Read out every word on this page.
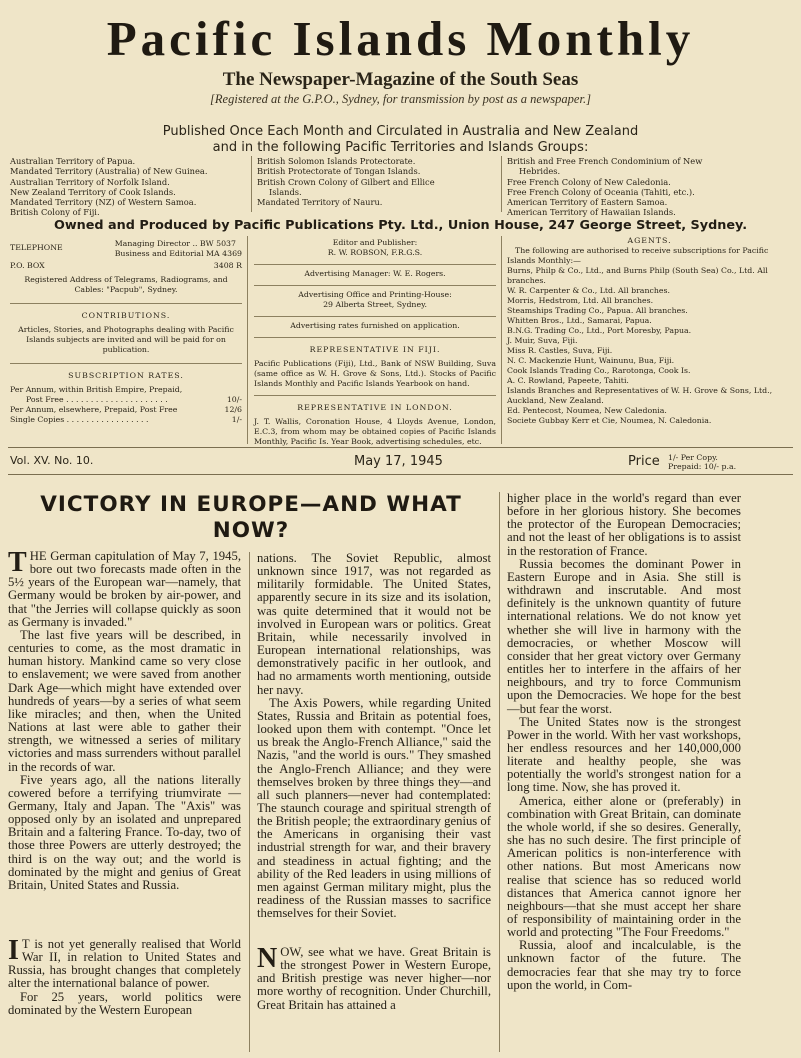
Pacific Islands Monthly
The Newspaper-Magazine of the South Seas
[Registered at the G.P.O., Sydney, for transmission by post as a newspaper.]
Published Once Each Month and Circulated in Australia and New Zealand
and in the following Pacific Territories and Islands Groups:
Australian Territory of Papua.
Mandated Territory (Australia) of New Guinea.
Australian Territory of Norfolk Island.
New Zealand Territory of Cook Islands.
Mandated Territory (NZ) of Western Samoa.
British Colony of Fiji.
British Solomon Islands Protectorate.
British Protectorate of Tongan Islands.
British Crown Colony of Gilbert and Ellice
Islands.
Mandated Territory of Nauru.
British and Free French Condominium of New
Hebrides.
Free French Colony of New Caledonia.
Free French Colony of Oceania (Tahiti, etc.).
American Territory of Eastern Samoa.
American Territory of Hawaiian Islands.
Owned and Produced by Pacific Publications Pty. Ltd., Union House, 247 George Street, Sydney.
TELEPHONE	Managing Director .. BW 5037
Business and Editorial MA 4369
P.O. BOX	3408 R
Registered Address of Telegrams, Radiograms, and Cables: "Pacpub", Sydney.
CONTRIBUTIONS.
Articles, Stories, and Photographs dealing with Pacific Islands subjects are invited and will be paid for on publication.
SUBSCRIPTION RATES.
Per Annum, within British Empire, Prepaid,
Post Free . . . . . . . . . . . . . . . . . . . . .	10/-
Per Annum, elsewhere, Prepaid, Post Free	12/6
Single Copies . . . . . . . . . . . . . . . . .	1/-
Editor and Publisher:
R. W. ROBSON, F.R.G.S.
Advertising Manager: W. E. Rogers.
Advertising Office and Printing-House:
29 Alberta Street, Sydney.
Advertising rates furnished on application.
REPRESENTATIVE IN FIJI.
Pacific Publications (Fiji), Ltd., Bank of NSW Building, Suva (same office as W. H. Grove & Sons, Ltd.). Stocks of Pacific Islands Monthly and Pacific Islands Yearbook on hand.
REPRESENTATIVE IN LONDON.
J. T. Wallis, Coronation House, 4 Lloyds Avenue, London, E.C.3, from whom may be obtained copies of Pacific Islands Monthly, Pacific Is. Year Book, advertising schedules, etc.
AGENTS.
The following are authorised to receive subscriptions for Pacific Islands Monthly:—
Burns, Philp & Co., Ltd., and Burns Philp (South Sea) Co., Ltd. All branches.
W. R. Carpenter & Co., Ltd. All branches.
Morris, Hedstrom, Ltd. All branches.
Steamships Trading Co., Papua. All branches.
Whitten Bros., Ltd., Samarai, Papua.
B.N.G. Trading Co., Ltd., Port Moresby, Papua.
J. Muir, Suva, Fiji.
Miss R. Castles, Suva, Fiji.
N. C. Mackenzie Hunt, Wainunu, Bua, Fiji.
Cook Islands Trading Co., Rarotonga, Cook Is.
A. C. Rowland, Papeete, Tahiti.
Islands Branches and Representatives of W. H. Grove & Sons, Ltd., Auckland, New Zealand.
Ed. Pentecost, Noumea, New Caledonia.
Societe Gubbay Kerr et Cie, Noumea, N. Caledonia.
Vol. XV. No. 10.	May 17, 1945	Price 1/- Per Copy.
Prepaid: 10/- p.a.
VICTORY IN EUROPE—AND WHAT NOW?

THE German capitulation of May 7, 1945, bore out two forecasts made often in the 5½ years of the European war—namely, that Germany would be broken by air-power, and that "the Jerries will collapse quickly as soon as Germany is invaded."

The last five years will be described, in centuries to come, as the most dramatic in human history. Mankind came so very close to enslavement; we were saved from another Dark Age—which might have extended over hundreds of years—by a series of what seem like miracles; and then, when the United Nations at last were able to gather their strength, we witnessed a series of military victories and mass surrenders without parallel in the records of war.

Five years ago, all the nations literally cowered before a terrifying triumvirate — Germany, Italy and Japan. The "Axis" was opposed only by an isolated and unprepared Britain and a faltering France. To-day, two of those three Powers are utterly destroyed; the third is on the way out; and the world is dominated by the might and genius of Great Britain, United States and Russia.

I T is not yet generally realised that World War II, in relation to United States and Russia, has brought changes that completely alter the international balance of power.

For 25 years, world politics were dominated by the Western European

nations. The Soviet Republic, almost unknown since 1917, was not regarded as militarily formidable. The United States, apparently secure in its size and its isolation, was quite determined that it would not be involved in European wars or politics. Great Britain, while necessarily involved in European international relationships, was demonstratively pacific in her outlook, and had no armaments worth mentioning, outside her navy.

The Axis Powers, while regarding United States, Russia and Britain as potential foes, looked upon them with contempt. "Once let us break the Anglo-French Alliance," said the Nazis, "and the world is ours." They smashed the Anglo-French Alliance; and they were themselves broken by three things they—and all such planners—never had contemplated: The staunch courage and spiritual strength of the British people; the extraordinary genius of the Americans in organising their vast industrial strength for war, and their bravery and steadiness in actual fighting; and the ability of the Red leaders in using millions of men against German military might, plus the readiness of the Russian masses to sacrifice themselves for their Soviet.

NOW, see what we have. Great Britain is the strongest Power in Western Europe, and British prestige was never higher—nor more worthy of recognition. Under Churchill, Great Britain has attained a

higher place in the world's regard than ever before in her glorious history. She becomes the protector of the European Democracies; and not the least of her obligations is to assist in the restoration of France.

Russia becomes the dominant Power in Eastern Europe and in Asia. She still is withdrawn and inscrutable. And most definitely is the unknown quantity of future international relations. We do not know yet whether she will live in harmony with the democracies, or whether Moscow will consider that her great victory over Germany entitles her to interfere in the affairs of her neighbours, and try to force Communism upon the Democracies. We hope for the best—but fear the worst.

The United States now is the strongest Power in the world. With her vast workshops, her endless resources and her 140,000,000 literate and healthy people, she was potentially the world's strongest nation for a long time. Now, she has proved it.

America, either alone or (preferably) in combination with Great Britain, can dominate the whole world, if she so desires. Generally, she has no such desire. The first principle of American politics is non-interference with other nations. But most Americans now realise that science has so reduced world distances that America cannot ignore her neighbours—that she must accept her share of responsibility of maintaining order in the world and protecting "The Four Freedoms."

Russia, aloof and incalculable, is the unknown factor of the future. The democracies fear that she may try to force upon the world, in Com-
